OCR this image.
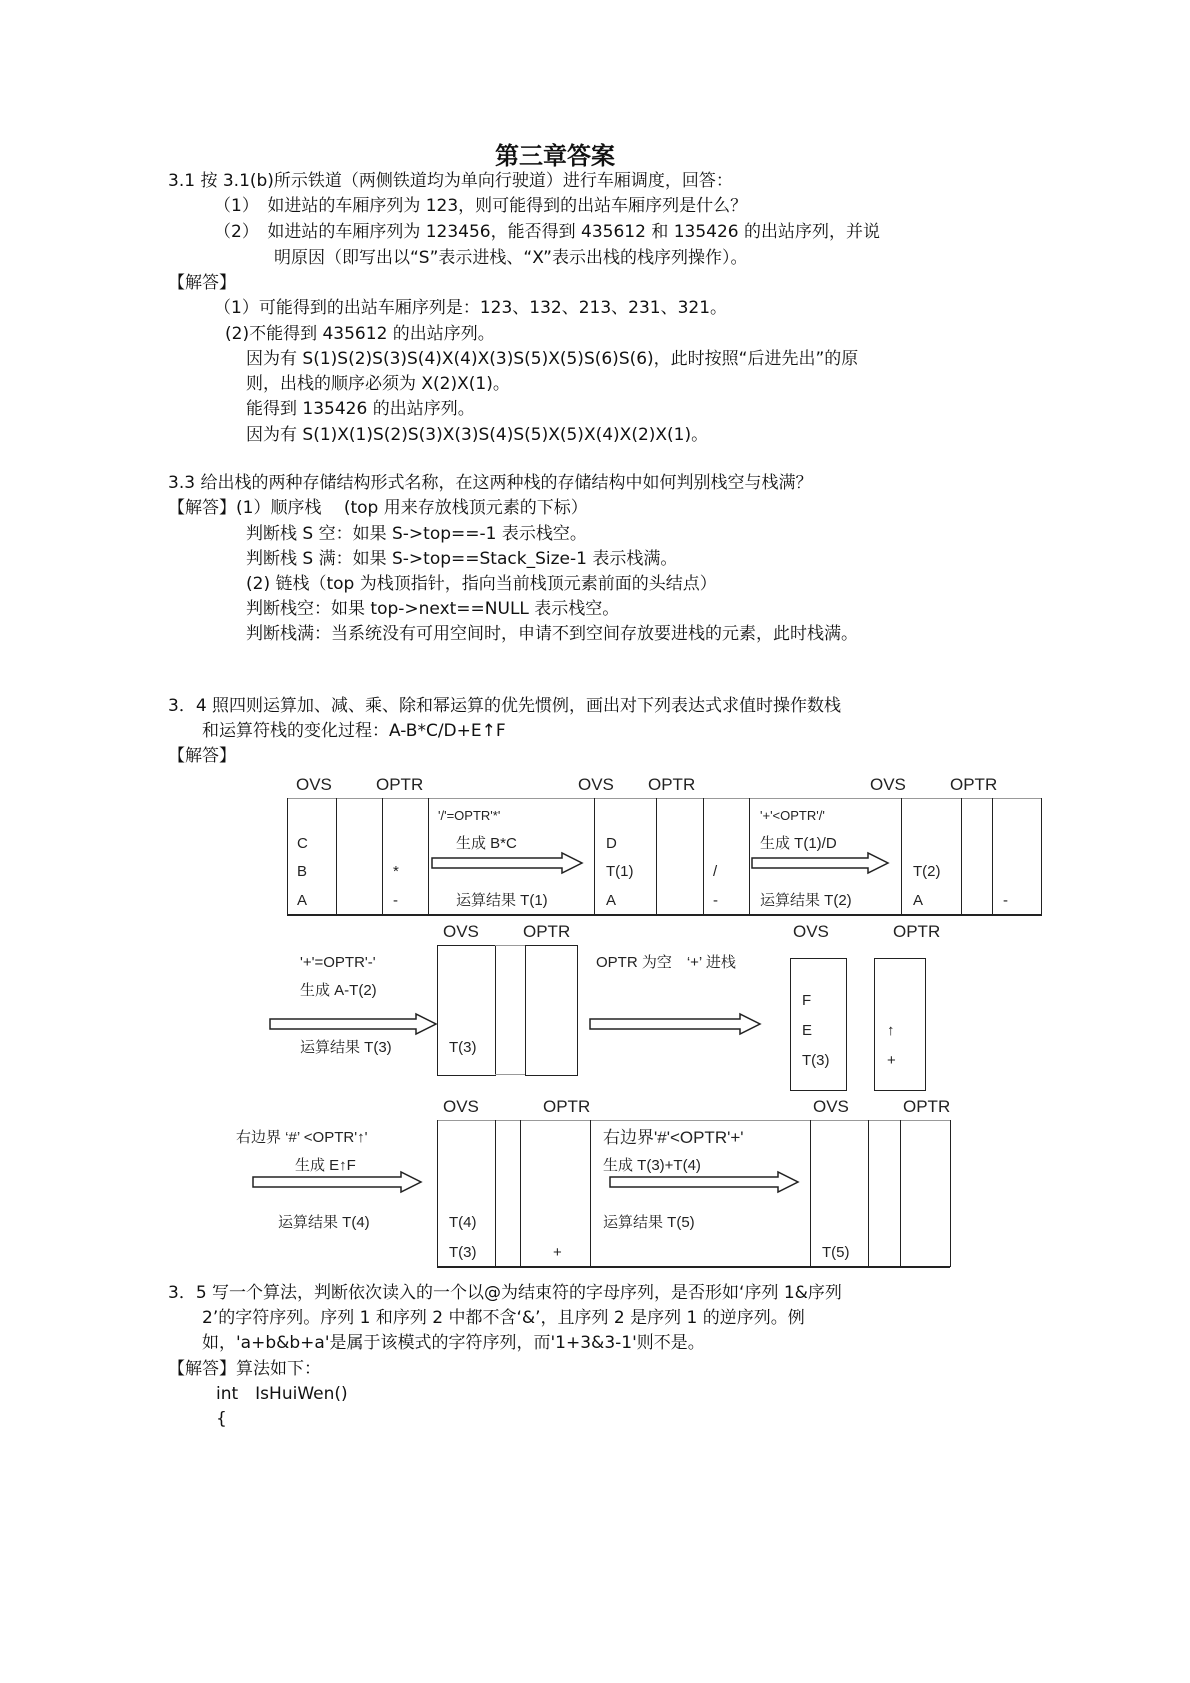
第三章答案
3.1 按 3.1(b)所示铁道（两侧铁道均为单向行驶道）进行车厢调度，回答：
（1）　如进站的车厢序列为 123，则可能得到的出站车厢序列是什么？
（2）　如进站的车厢序列为 123456，能否得到 435612 和 135426 的出站序列，并说
明原因（即写出以“S”表示进栈、“X”表示出栈的栈序列操作）。
【解答】
（1）可能得到的出站车厢序列是：123、132、213、231、321。
(2)不能得到 435612 的出站序列。
因为有 S(1)S(2)S(3)S(4)X(4)X(3)S(5)X(5)S(6)S(6)，此时按照“后进先出”的原
则，出栈的顺序必须为 X(2)X(1)。
能得到 135426 的出站序列。
因为有 S(1)X(1)S(2)S(3)X(3)S(4)S(5)X(5)X(4)X(2)X(1)。
3.3 给出栈的两种存储结构形式名称，在这两种栈的存储结构中如何判别栈空与栈满？
【解答】(1）顺序栈　 (top 用来存放栈顶元素的下标）
判断栈 S 空：如果 S->top==-1 表示栈空。
判断栈 S 满：如果 S->top==Stack_Size-1 表示栈满。
(2) 链栈（top 为栈顶指针，指向当前栈顶元素前面的头结点）
判断栈空：如果 top->next==NULL 表示栈空。
判断栈满：当系统没有可用空间时，申请不到空间存放要进栈的元素，此时栈满。
3．4 照四则运算加、减、乘、除和幂运算的优先惯例，画出对下列表达式求值时操作数栈
和运算符栈的变化过程：A-B*C/D+E↑F
【解答】
OVS	OPTR	OVS OPTR	OVS	OPTR
OVS	OPTR	OVS	OPTR
OVS	OPTR	OVS	OPTR
C
B
A
*
-
'/'=OPTR'*'
生成 B*C
运算结果 T(1)
D
T(1)
A
/
-
'+'<OPTR'/'
生成 T(1)/D
运算结果 T(2)
T(2)
A	-
'+'=OPTR'-'
生成 A-T(2)
运算结果 T(3)	T(3)
OPTR 为空　‘+’ 进栈
F
E
T(3)
↑
+
右边界 ‘#’ <OPTR'↑'
生成 E↑F
运算结果 T(4)	T(4)
T(3)	+
右边界'#'<OPTR'+'
生成 T(3)+T(4)
运算结果 T(5)
T(5)
3．5 写一个算法，判断依次读入的一个以@为结束符的字母序列，是否形如‘序列 1&序列
2’的字符序列。序列 1 和序列 2 中都不含‘&’，且序列 2 是序列 1 的逆序列。例
如，'a+b&b+a'是属于该模式的字符序列，而'1+3&3-1'则不是。
【解答】算法如下：
int　IsHuiWen()
{
